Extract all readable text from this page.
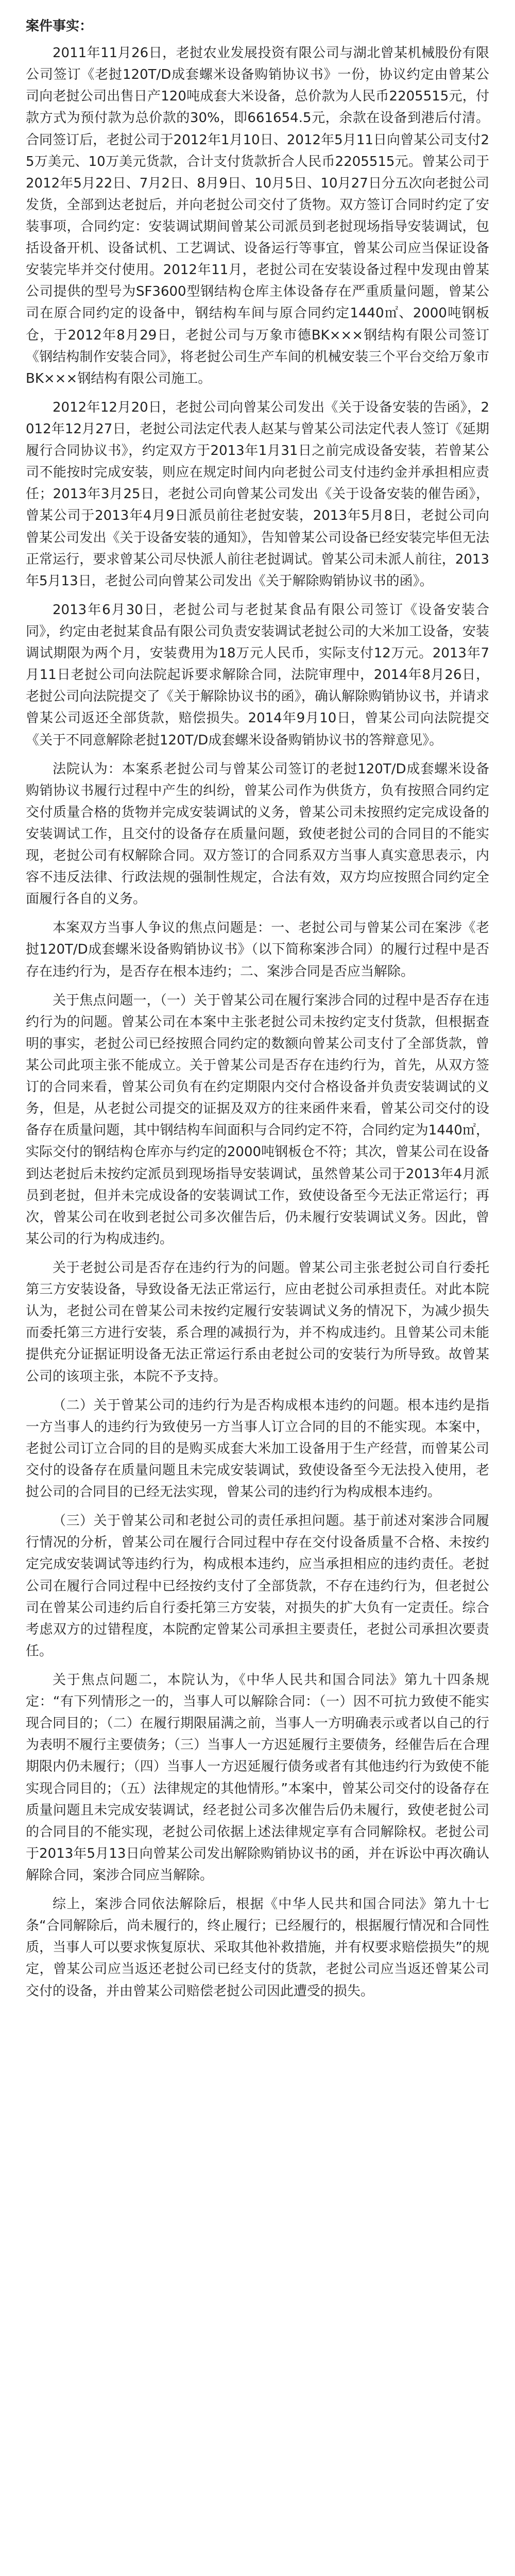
案件事实：

2011年11月26日，老挝农业发展投资有限公司与湖北曾某机械股份有限公司签订《老挝120T/D成套螺米设备购销协议书》一份，协议约定由曾某公司向老挝公司出售日产120吨成套大米设备，总价款为人民币2205515元，付款方式为预付款为总价款的30%，即661654.5元，余款在设备到港后付清。合同签订后，老挝公司于2012年1月10日、2012年5月11日向曾某公司支付25万美元、10万美元货款，合计支付货款折合人民币2205515元。曾某公司于2012年5月22日、7月2日、8月9日、10月5日、10月27日分五次向老挝公司发货，全部到达老挝后，并向老挝公司交付了货物。双方签订合同时约定了安装事项，合同约定：安装调试期间曾某公司派员到老挝现场指导安装调试，包括设备开机、设备试机、工艺调试、设备运行等事宜，曾某公司应当保证设备安装完毕并交付使用。2012年11月，老挝公司在安装设备过程中发现由曾某公司提供的型号为SF3600型钢结构仓库主体设备存在严重质量问题，曾某公司在原合同约定的设备中，钢结构车间与原合同约定1440㎡、2000吨钢板仓，于2012年8月29日，老挝公司与万象市德BK×××钢结构有限公司签订《钢结构制作安装合同》，将老挝公司生产车间的机械安装三个平台交给万象市BK×××钢结构有限公司施工。

2012年12月20日，老挝公司向曾某公司发出《关于设备安装的告函》，2012年12月27日，老挝公司法定代表人赵某与曾某公司法定代表人签订《延期履行合同协议书》，约定双方于2013年1月31日之前完成设备安装，若曾某公司不能按时完成安装，则应在规定时间内向老挝公司支付违约金并承担相应责任；2013年3月25日，老挝公司向曾某公司发出《关于设备安装的催告函》，曾某公司于2013年4月9日派员前往老挝安装，2013年5月8日，老挝公司向曾某公司发出《关于设备安装的通知》，告知曾某公司设备已经安装完毕但无法正常运行，要求曾某公司尽快派人前往老挝调试。曾某公司未派人前往，2013年5月13日，老挝公司向曾某公司发出《关于解除购销协议书的函》。

2013年6月30日，老挝公司与老挝某食品有限公司签订《设备安装合同》，约定由老挝某食品有限公司负责安装调试老挝公司的大米加工设备，安装调试期限为两个月，安装费用为18万元人民币，实际支付12万元。2013年7月11日老挝公司向法院起诉要求解除合同，法院审理中，2014年8月26日，老挝公司向法院提交了《关于解除协议书的函》，确认解除购销协议书，并请求曾某公司返还全部货款，赔偿损失。2014年9月10日，曾某公司向法院提交《关于不同意解除老挝120T/D成套螺米设备购销协议书的答辩意见》。

法院认为：本案系老挝公司与曾某公司签订的老挝120T/D成套螺米设备购销协议书履行过程中产生的纠纷，曾某公司作为供货方，负有按照合同约定交付质量合格的货物并完成安装调试的义务，曾某公司未按照约定完成设备的安装调试工作，且交付的设备存在质量问题，致使老挝公司的合同目的不能实现，老挝公司有权解除合同。双方签订的合同系双方当事人真实意思表示，内容不违反法律、行政法规的强制性规定，合法有效，双方均应按照合同约定全面履行各自的义务。

本案双方当事人争议的焦点问题是：一、老挝公司与曾某公司在案涉《老挝120T/D成套螺米设备购销协议书》（以下简称案涉合同）的履行过程中是否存在违约行为，是否存在根本违约；二、案涉合同是否应当解除。

关于焦点问题一，（一）关于曾某公司在履行案涉合同的过程中是否存在违约行为的问题。曾某公司在本案中主张老挝公司未按约定支付货款，但根据查明的事实，老挝公司已经按照合同约定的数额向曾某公司支付了全部货款，曾某公司此项主张不能成立。关于曾某公司是否存在违约行为，首先，从双方签订的合同来看，曾某公司负有在约定期限内交付合格设备并负责安装调试的义务，但是，从老挝公司提交的证据及双方的往来函件来看，曾某公司交付的设备存在质量问题，其中钢结构车间面积与合同约定不符，合同约定为1440㎡，实际交付的钢结构仓库亦与约定的2000吨钢板仓不符；其次，曾某公司在设备到达老挝后未按约定派员到现场指导安装调试，虽然曾某公司于2013年4月派员到老挝，但并未完成设备的安装调试工作，致使设备至今无法正常运行；再次，曾某公司在收到老挝公司多次催告后，仍未履行安装调试义务。因此，曾某公司的行为构成违约。

关于老挝公司是否存在违约行为的问题。曾某公司主张老挝公司自行委托第三方安装设备，导致设备无法正常运行，应由老挝公司承担责任。对此本院认为，老挝公司在曾某公司未按约定履行安装调试义务的情况下，为减少损失而委托第三方进行安装，系合理的减损行为，并不构成违约。且曾某公司未能提供充分证据证明设备无法正常运行系由老挝公司的安装行为所导致。故曾某公司的该项主张，本院不予支持。

（二）关于曾某公司的违约行为是否构成根本违约的问题。根本违约是指一方当事人的违约行为致使另一方当事人订立合同的目的不能实现。本案中，老挝公司订立合同的目的是购买成套大米加工设备用于生产经营，而曾某公司交付的设备存在质量问题且未完成安装调试，致使设备至今无法投入使用，老挝公司的合同目的已经无法实现，曾某公司的违约行为构成根本违约。

（三）关于曾某公司和老挝公司的责任承担问题。基于前述对案涉合同履行情况的分析，曾某公司在履行合同过程中存在交付设备质量不合格、未按约定完成安装调试等违约行为，构成根本违约，应当承担相应的违约责任。老挝公司在履行合同过程中已经按约支付了全部货款，不存在违约行为，但老挝公司在曾某公司违约后自行委托第三方安装，对损失的扩大负有一定责任。综合考虑双方的过错程度，本院酌定曾某公司承担主要责任，老挝公司承担次要责任。

关于焦点问题二，本院认为，《中华人民共和国合同法》第九十四条规定：“有下列情形之一的，当事人可以解除合同：（一）因不可抗力致使不能实现合同目的；（二）在履行期限届满之前，当事人一方明确表示或者以自己的行为表明不履行主要债务；（三）当事人一方迟延履行主要债务，经催告后在合理期限内仍未履行；（四）当事人一方迟延履行债务或者有其他违约行为致使不能实现合同目的；（五）法律规定的其他情形。”本案中，曾某公司交付的设备存在质量问题且未完成安装调试，经老挝公司多次催告后仍未履行，致使老挝公司的合同目的不能实现，老挝公司依据上述法律规定享有合同解除权。老挝公司于2013年5月13日向曾某公司发出解除购销协议书的函，并在诉讼中再次确认解除合同，案涉合同应当解除。

综上，案涉合同依法解除后，根据《中华人民共和国合同法》第九十七条“合同解除后，尚未履行的，终止履行；已经履行的，根据履行情况和合同性质，当事人可以要求恢复原状、采取其他补救措施，并有权要求赔偿损失”的规定，曾某公司应当返还老挝公司已经支付的货款，老挝公司应当返还曾某公司交付的设备，并由曾某公司赔偿老挝公司因此遭受的损失。
